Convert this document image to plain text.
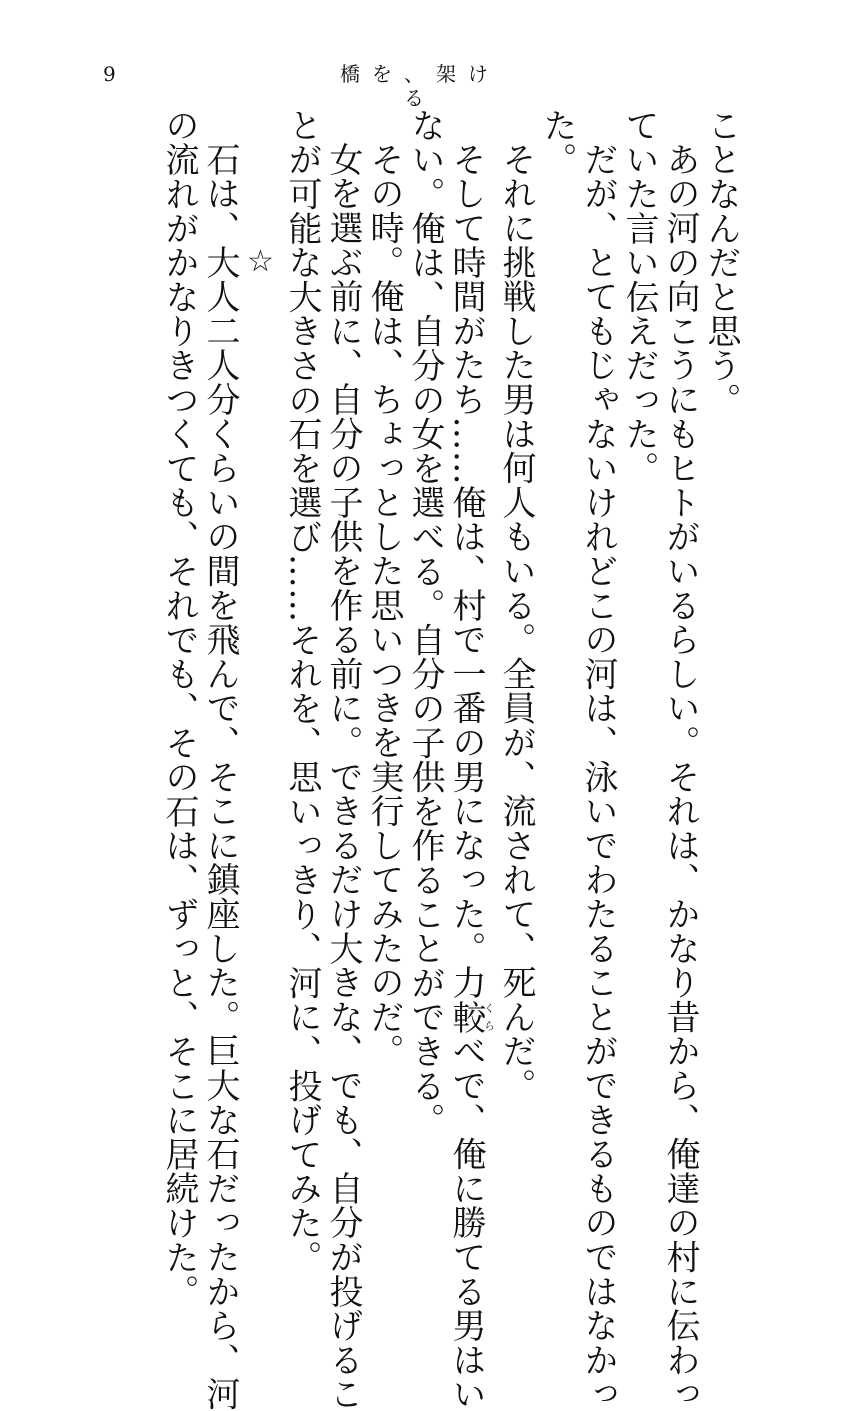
9	橋を、架ける

ことなんだと思う。

あの河の向こうにもヒトがいるらしい。それは、かなり昔から、俺達の村に伝わっ
ていた言い伝えだった。

だが、とてもじゃないけれどこの河は、泳いでわたることができるものではなかっ
た。

それに挑戦した男は何人もいる。全員が、流されて、死んだ。

そして時間がたち……俺は、村で一番の男になった。力較くらべで、俺に勝てる男はい
ない。俺は、自分の女を選べる。自分の子供を作ることができる。

その時。俺は、ちょっとした思いつきを実行してみたのだ。

女を選ぶ前に、自分の子供を作る前に。できるだけ大きな、でも、自分が投げるこ
とが可能な大きさの石を選び……それを、思いっきり、河に、投げてみた。

☆

石は、大人二人分くらいの間を飛んで、そこに鎮座した。巨大な石だったから、河
の流れがかなりきつくても、それでも、その石は、ずっと、そこに居続けた。
